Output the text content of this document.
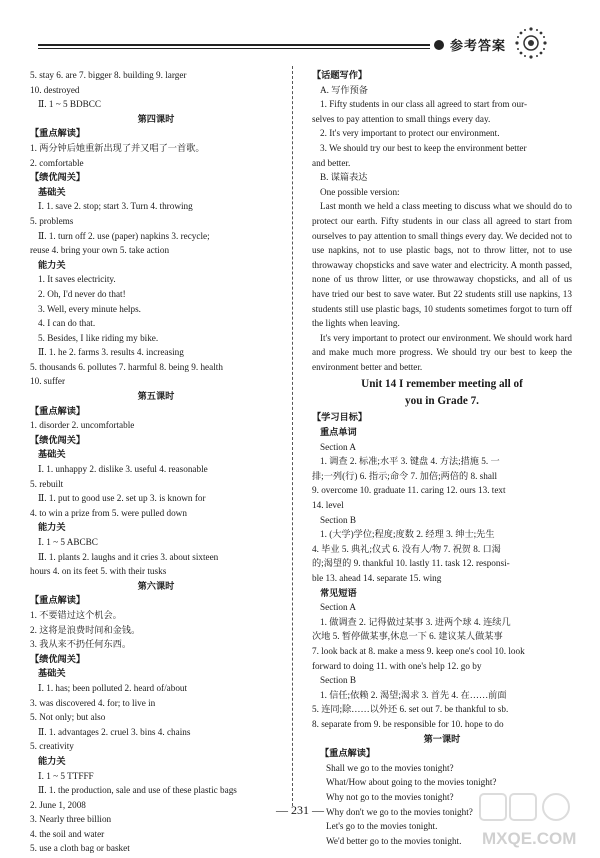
参考答案
5. stay 6. are 7. bigger 8. building 9. larger
10. destroyed
Ⅱ. 1 ~ 5 BDBCC
第四课时
【重点解读】
1. 两分钟后她重新出现了并又唱了一首歌。
2. comfortable
【绩优闯关】
基础关
Ⅰ. 1. save 2. stop; start 3. Turn 4. throwing
5. problems
Ⅱ. 1. turn off 2. use (paper) napkins 3. recycle;
reuse 4. bring your own 5. take action
能力关
1. It saves electricity.
2. Oh, I'd never do that!
3. Well, every minute helps.
4. I can do that.
5. Besides, I like riding my bike.
Ⅱ. 1. he 2. farms 3. results 4. increasing
5. thousands 6. pollutes 7. harmful 8. being 9. health
10. suffer
第五课时
【重点解读】
1. disorder 2. uncomfortable
【绩优闯关】
基础关
Ⅰ. 1. unhappy 2. dislike 3. useful 4. reasonable
5. rebuilt
Ⅱ. 1. put to good use 2. set up 3. is known for
4. to win a prize from 5. were pulled down
能力关
Ⅰ. 1 ~ 5 ABCBC
Ⅱ. 1. plants 2. laughs and it cries 3. about sixteen
hours 4. on its feet 5. with their tusks
第六课时
【重点解读】
1. 不要错过这个机会。
2. 这将是浪费时间和金钱。
3. 我从来不扔任何东西。
【绩优闯关】
基础关
Ⅰ. 1. has; been polluted 2. heard of/about
3. was discovered 4. for; to live in
5. Not only; but also
Ⅱ. 1. advantages 2. cruel 3. bins 4. chains
5. creativity
能力关
Ⅰ. 1 ~ 5 TTFFF
Ⅱ. 1. the production, sale and use of these plastic bags
2. June 1, 2008
3. Nearly three billion
4. the soil and water
5. use a cloth bag or basket
【话题写作】
A. 写作预备
1. Fifty students in our class all agreed to start from our-
selves to pay attention to small things every day.
2. It's very important to protect our environment.
3. We should try our best to keep the environment better
and better.
B. 谋篇表达
One possible version:
Last month we held a class meeting to discuss what we should do to protect our earth. Fifty students in our class all agreed to start from ourselves to pay attention to small things every day. We decided not to use napkins, not to use plastic bags, not to throw litter, not to use throwaway chopsticks and save water and electricity. A month passed, none of us throw litter, or use throwaway chopsticks, and all of us have tried our best to save water. But 22 students still use napkins, 13 students still use plastic bags, 10 students sometimes forgot to turn off the lights when leaving.
It's very important to protect our environment. We should work hard and make much more progress. We should try our best to keep the environment better and better.
Unit 14 I remember meeting all of
you in Grade 7.
【学习目标】
重点单词
Section A
1. 调查 2. 标准;水平 3. 键盘 4. 方法;措施 5. 一
排;一列(行) 6. 指示;命令 7. 加倍;两倍的 8. shall
9. overcome 10. graduate 11. caring 12. ours 13. text
14. level
Section B
1. (大学)学位;程度;度数 2. 经理 3. 绅士;先生
4. 毕业 5. 典礼;仪式 6. 没有人/物 7. 祝贺 8. 口渴
的;渴望的 9. thankful 10. lastly 11. task 12. responsi-
ble 13. ahead 14. separate 15. wing
常见短语
Section A
1. 做调查 2. 记得做过某事 3. 进两个球 4. 连续几
次地 5. 暂停做某事,休息一下 6. 建议某人做某事
7. look back at 8. make a mess 9. keep one's cool 10. look
forward to doing 11. with one's help 12. go by
Section B
1. 信任;依赖 2. 渴望;渴求 3. 首先 4. 在……前面
5. 连同;除……以外还 6. set out 7. be thankful to sb.
8. separate from 9. be responsible for 10. hope to do
第一课时
【重点解读】
Shall we go to the movies tonight?
What/How about going to the movies tonight?
Why not go to the movies tonight?
Why don't we go to the movies tonight?
Let's go to the movies tonight.
We'd better go to the movies tonight.
— 231 —
MXQE.COM
